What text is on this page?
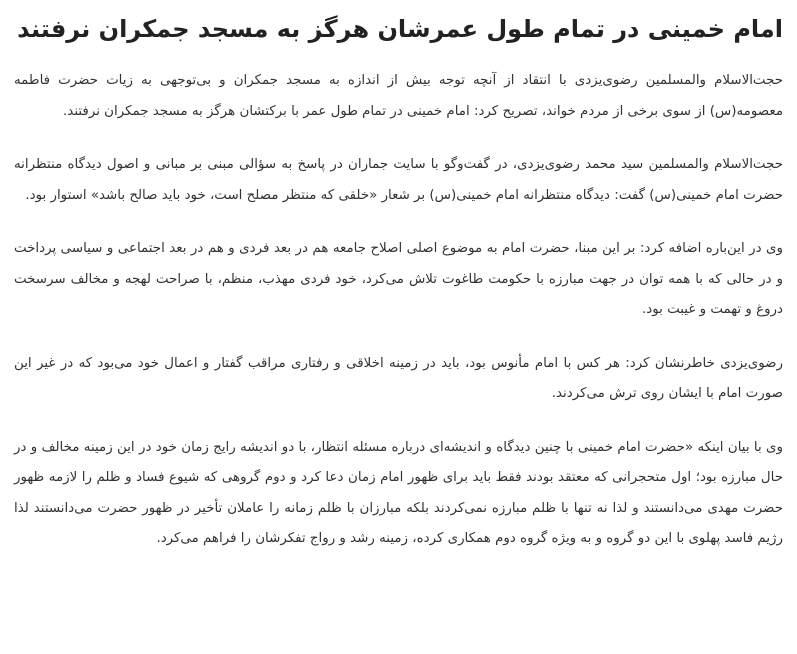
امام خمینی در تمام طول عمرشان هرگز به مسجد جمکران نرفتند

حجت‌الاسلام والمسلمین رضوی‌یزدی با انتقاد از آنچه توجه بیش از اندازه به مسجد جمکران و بی‌توجهی به زیات حضرت فاطمه معصومه(س) از سوی برخی از مردم خواند، تصریح کرد: امام خمینی در تمام طول عمر با برکتشان هرگز به مسجد جمکران نرفتند.

حجت‌الاسلام والمسلمین سید محمد رضوی‌یزدی، در گفت‌وگو با سایت جماران در پاسخ به سؤالی مبنی بر مبانی و اصول دیدگاه منتظرانه حضرت امام خمینی(س) گفت: دیدگاه منتظرانه امام خمینی(س) بر شعار «خلقی که منتظر مصلح است، خود باید صالح باشد» استوار بود.

وی در این‌باره اضافه کرد: بر این مبنا، حضرت امام به موضوع اصلی اصلاح جامعه هم در بعد فردی و هم در بعد اجتماعی و سیاسی پرداخت و در حالی که با همه توان در جهت مبارزه با حکومت طاغوت تلاش می‌کرد، خود فردی مهذب، منظم، با صراحت لهجه و مخالف سرسخت دروغ و تهمت و غیبت بود.

رضوی‌یزدی خاطرنشان کرد: هر کس با امام مأنوس بود، باید در زمینه اخلاقی و رفتاری مراقب گفتار و اعمال خود می‌بود که در غیر این صورت امام با ایشان روی ترش می‌کردند.

وی با بیان اینکه «حضرت امام خمینی با چنین دیدگاه و اندیشه‌ای درباره مسئله انتظار، با دو اندیشه رایج زمان خود در این زمینه مخالف و در حال مبارزه بود؛ اول متحجرانی که معتقد بودند فقط باید برای ظهور امام زمان دعا کرد و دوم گروهی که شیوع فساد و ظلم را لازمه ظهور حضرت مهدی می‌دانستند و لذا نه تنها با ظلم مبارزه نمی‌کردند بلکه مبارزان با ظلم زمانه را عاملان تأخیر در ظهور حضرت می‌دانستند لذا رژیم فاسد پهلوی با این دو گروه و به ویژه گروه دوم همکاری کرده، زمینه رشد و رواج تفکرشان را فراهم می‌کرد.
